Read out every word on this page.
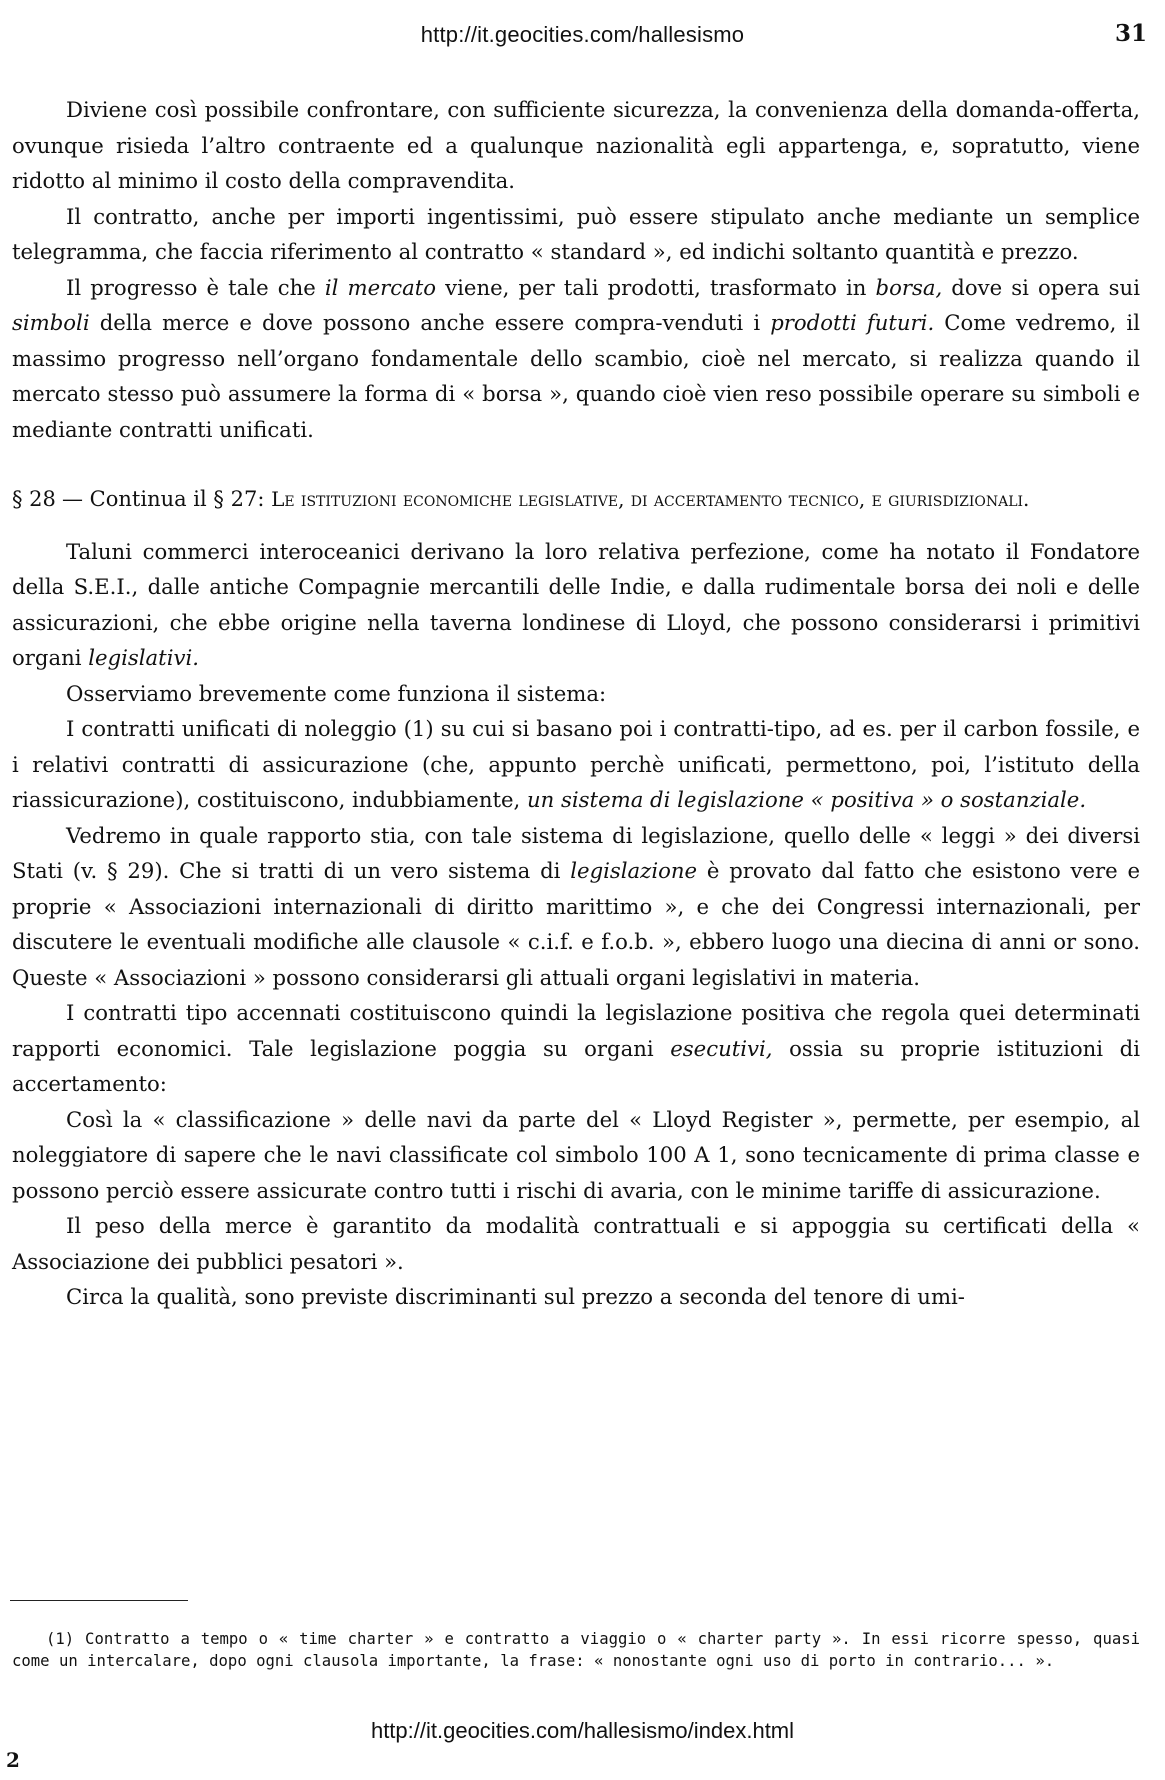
http://it.geocities.com/hallesismo	31

Diviene così possibile confrontare, con sufficiente sicurezza, la convenienza della domanda-offerta, ovunque risieda l’altro contraente ed a qualunque nazionalità egli appartenga, e, sopratutto, viene ridotto al minimo il costo della compravendita.

Il contratto, anche per importi ingentissimi, può essere stipulato anche mediante un semplice telegramma, che faccia riferimento al contratto « standard », ed indichi soltanto quantità e prezzo.

Il progresso è tale che il mercato viene, per tali prodotti, trasformato in borsa, dove si opera sui simboli della merce e dove possono anche essere compra-venduti i prodotti futuri. Come vedremo, il massimo progresso nell’organo fondamentale dello scambio, cioè nel mercato, si realizza quando il mercato stesso può assumere la forma di « borsa », quando cioè vien reso possibile operare su simboli e mediante contratti unificati.

§ 28 — Continua il § 27: Le istituzioni economiche legislative, di accertamento tecnico, e giurisdizionali.

Taluni commerci interoceanici derivano la loro relativa perfezione, come ha notato il Fondatore della S.E.I., dalle antiche Compagnie mercantili delle Indie, e dalla rudimentale borsa dei noli e delle assicurazioni, che ebbe origine nella taverna londinese di Lloyd, che possono considerarsi i primitivi organi legislativi.

Osserviamo brevemente come funziona il sistema:

I contratti unificati di noleggio (1) su cui si basano poi i contratti-tipo, ad es. per il carbon fossile, e i relativi contratti di assicurazione (che, appunto perchè unificati, permettono, poi, l’istituto della riassicurazione), costituiscono, indubbiamente, un sistema di legislazione « positiva » o sostanziale.

Vedremo in quale rapporto stia, con tale sistema di legislazione, quello delle « leggi » dei diversi Stati (v. § 29). Che si tratti di un vero sistema di legislazione è provato dal fatto che esistono vere e proprie « Associazioni internazionali di diritto marittimo », e che dei Congressi internazionali, per discutere le eventuali modifiche alle clausole « c.i.f. e f.o.b. », ebbero luogo una diecina di anni or sono. Queste « Associazioni » possono considerarsi gli attuali organi legislativi in materia.

I contratti tipo accennati costituiscono quindi la legislazione positiva che regola quei determinati rapporti economici. Tale legislazione poggia su organi esecutivi, ossia su proprie istituzioni di accertamento:

Così la « classificazione » delle navi da parte del « Lloyd Register », permette, per esempio, al noleggiatore di sapere che le navi classificate col simbolo 100 A 1, sono tecnicamente di prima classe e possono perciò essere assicurate contro tutti i rischi di avaria, con le minime tariffe di assicurazione.

Il peso della merce è garantito da modalità contrattuali e si appoggia su certificati della « Associazione dei pubblici pesatori ».

Circa la qualità, sono previste discriminanti sul prezzo a seconda del tenore di umi-

(1) Contratto a tempo o « time charter » e contratto a viaggio o « charter party ». In essi ricorre spesso, quasi come un intercalare, dopo ogni clausola importante, la frase: « nonostante ogni uso di porto in contrario... ».
http://it.geocities.com/hallesismo/index.html
2
